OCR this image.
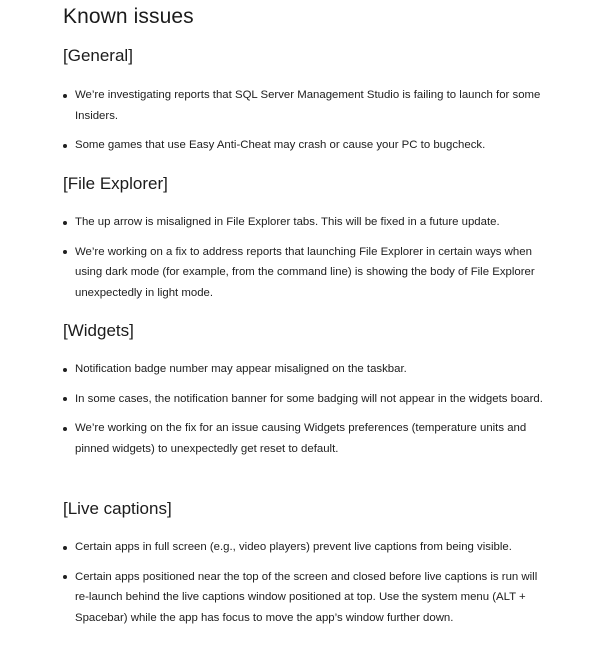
Known issues
[General]
We’re investigating reports that SQL Server Management Studio is failing to launch for some Insiders.
Some games that use Easy Anti-Cheat may crash or cause your PC to bugcheck.
[File Explorer]
The up arrow is misaligned in File Explorer tabs. This will be fixed in a future update.
We’re working on a fix to address reports that launching File Explorer in certain ways when using dark mode (for example, from the command line) is showing the body of File Explorer unexpectedly in light mode.
[Widgets]
Notification badge number may appear misaligned on the taskbar.
In some cases, the notification banner for some badging will not appear in the widgets board.
We’re working on the fix for an issue causing Widgets preferences (temperature units and pinned widgets) to unexpectedly get reset to default.
[Live captions]
Certain apps in full screen (e.g., video players) prevent live captions from being visible.
Certain apps positioned near the top of the screen and closed before live captions is run will re-launch behind the live captions window positioned at top. Use the system menu (ALT + Spacebar) while the app has focus to move the app’s window further down.
